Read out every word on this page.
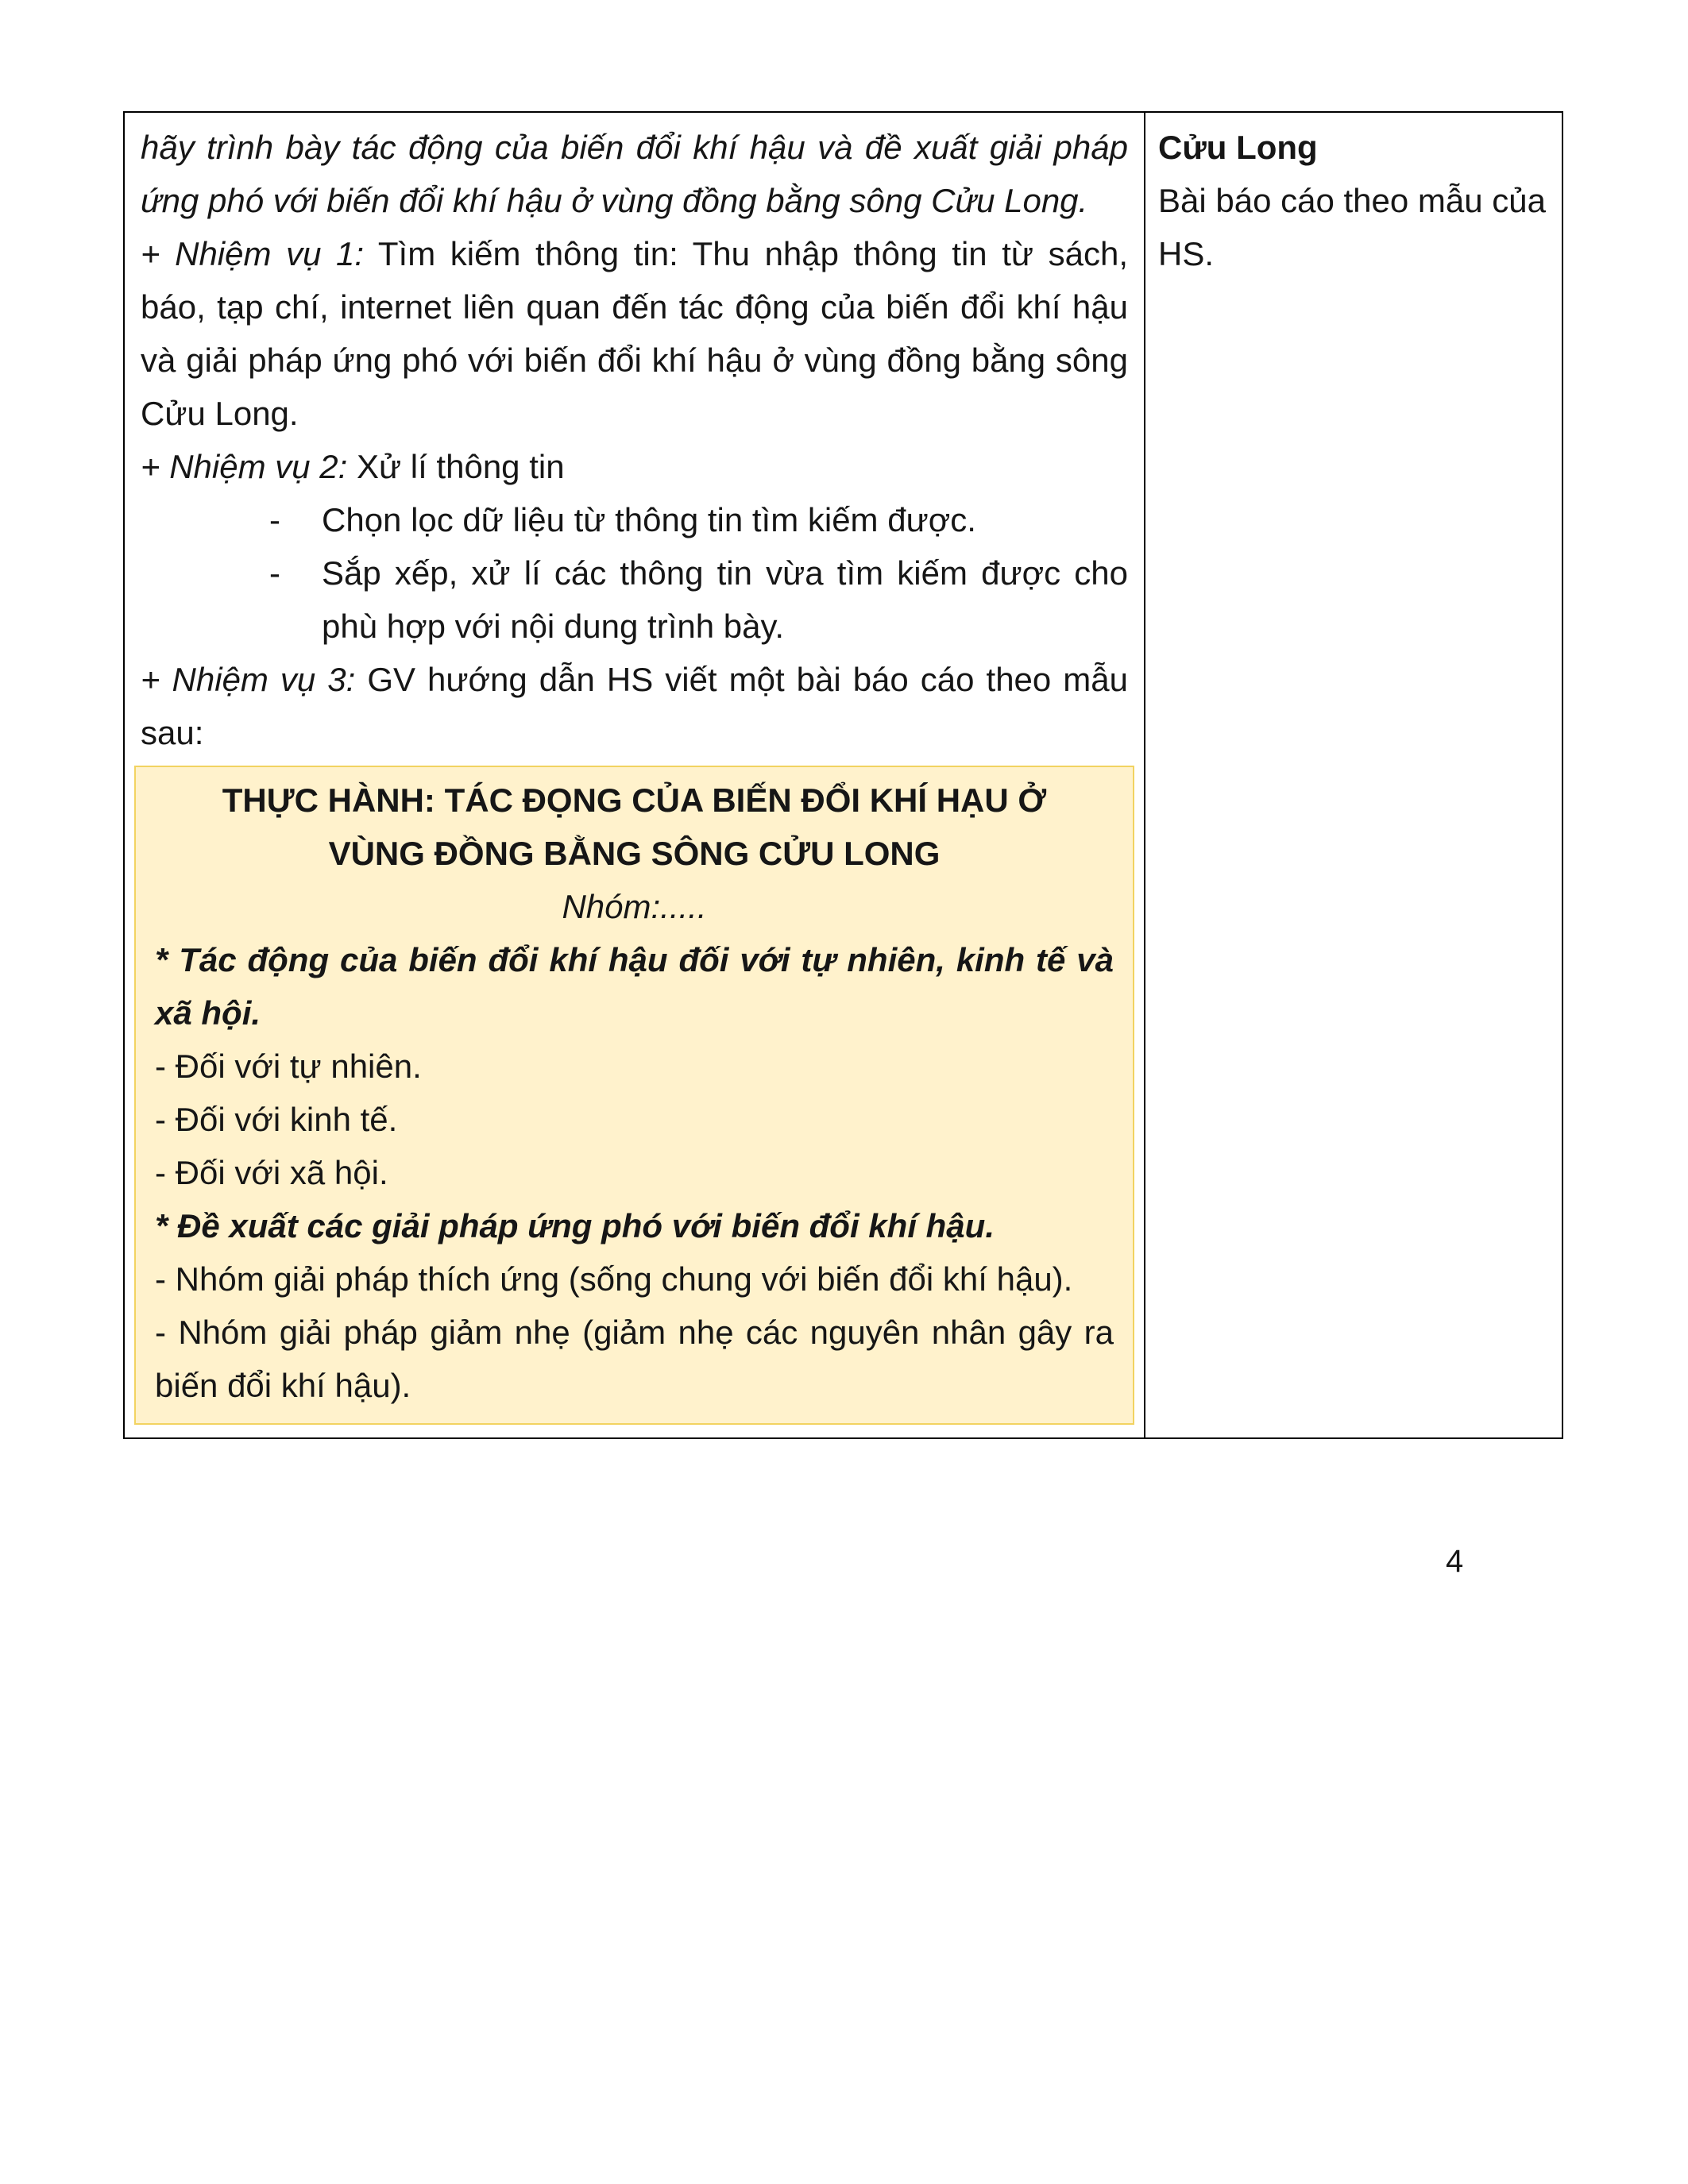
hãy trình bày tác động của biến đổi khí hậu và đề xuất giải pháp ứng phó với biến đổi khí hậu ở vùng đồng bằng sông Cửu Long.

+ Nhiệm vụ 1: Tìm kiếm thông tin: Thu nhập thông tin từ sách, báo, tạp chí, internet liên quan đến tác động của biến đổi khí hậu và giải pháp ứng phó với biến đổi khí hậu ở vùng đồng bằng sông Cửu Long.

+ Nhiệm vụ 2: Xử lí thông tin

- Chọn lọc dữ liệu từ thông tin tìm kiếm được.
- Sắp xếp, xử lí các thông tin vừa tìm kiếm được cho phù hợp với nội dung trình bày.

+ Nhiệm vụ 3: GV hướng dẫn HS viết một bài báo cáo theo mẫu sau:

THỰC HÀNH: TÁC ĐỌNG CỦA BIẾN ĐỔI KHÍ HẠU Ở

VÙNG ĐỒNG BẰNG SÔNG CỬU LONG

Nhóm:.....

* Tác động của biến đổi khí hậu đối với tự nhiên, kinh tế và xã hội.

- Đối với tự nhiên.

- Đối với kinh tế.

- Đối với xã hội.

* Đề xuất các giải pháp ứng phó với biến đổi khí hậu.

- Nhóm giải pháp thích ứng (sống chung với biến đổi khí hậu).

- Nhóm giải pháp giảm nhẹ (giảm nhẹ các nguyên nhân gây ra biến đổi khí hậu).

Cửu Long

Bài báo cáo theo mẫu của HS.

4
